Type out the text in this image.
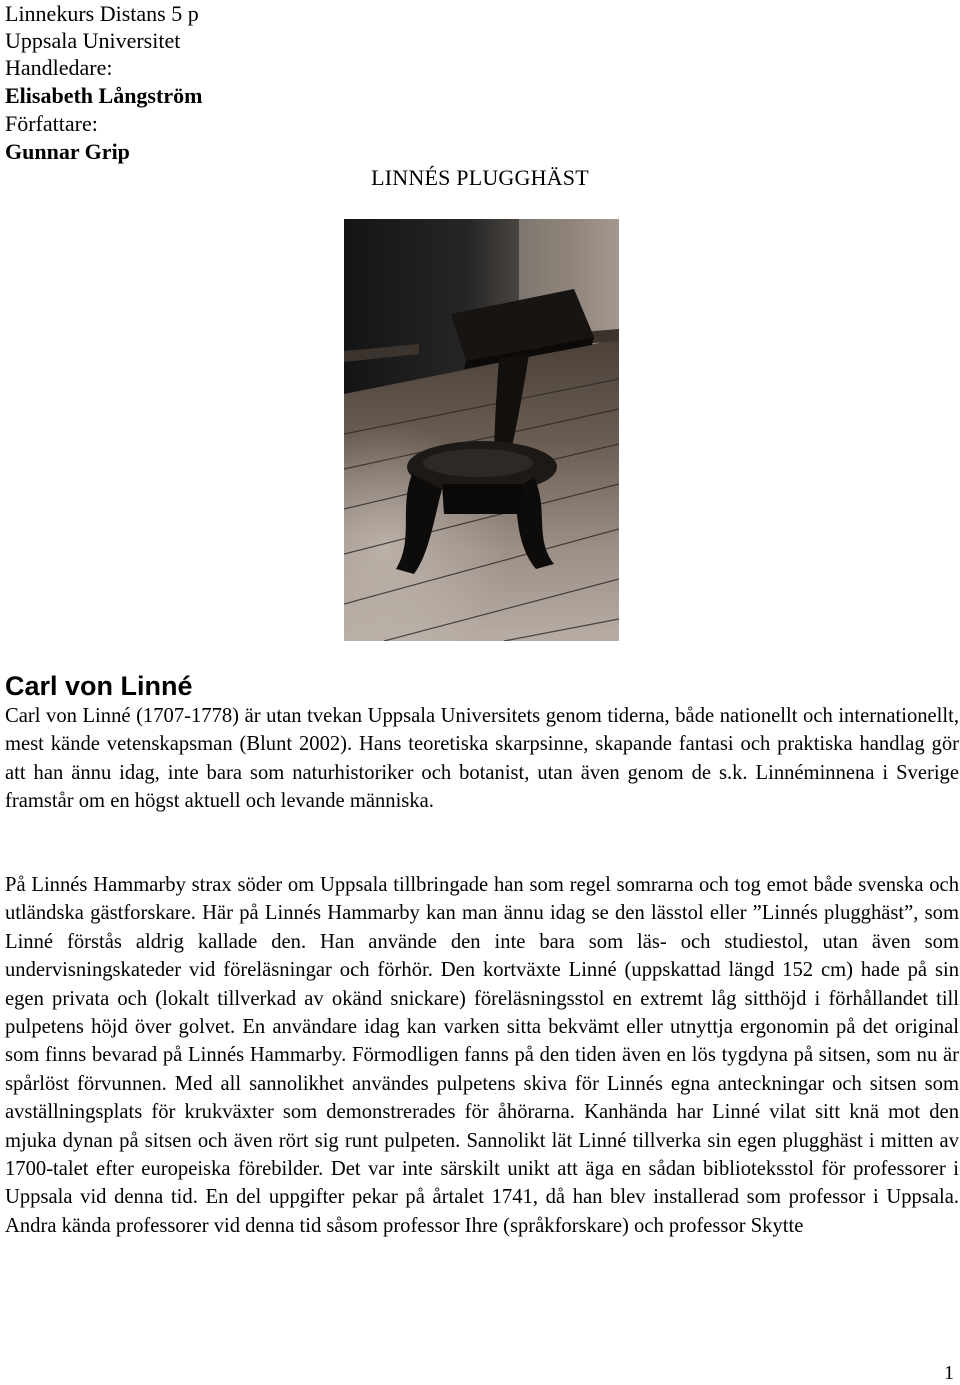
Linnekurs Distans 5 p
Uppsala Universitet
Handledare:
Elisabeth Långström
Författare:
Gunnar Grip
LINNÉS PLUGGHÄST
Carl von Linné
Carl von Linné (1707-1778) är utan tvekan Uppsala Universitets genom tiderna, både nationellt och internationellt, mest kände vetenskapsman (Blunt 2002). Hans teoretiska skarpsinne, skapande fantasi och praktiska handlag gör att han ännu idag, inte bara som naturhistoriker och botanist, utan även genom de s.k. Linnéminnena i Sverige framstår om en högst aktuell och levande människa.
På Linnés Hammarby strax söder om Uppsala tillbringade han som regel somrarna och tog emot både svenska och utländska gästforskare. Här på Linnés Hammarby kan man ännu idag se den lässtol eller ”Linnés plugghäst”, som Linné förstås aldrig kallade den. Han använde den inte bara som läs- och studiestol, utan även som undervisningskateder vid föreläsningar och förhör. Den kortväxte Linné (uppskattad längd 152 cm) hade på sin egen privata och (lokalt tillverkad av okänd snickare) föreläsningsstol en extremt låg sitthöjd i förhållandet till pulpetens höjd över golvet. En användare idag kan varken sitta bekvämt eller utnyttja ergonomin på det original som finns bevarad på Linnés Hammarby. Förmodligen fanns på den tiden även en lös tygdyna på sitsen, som nu är spårlöst förvunnen. Med all sannolikhet användes pulpetens skiva för Linnés egna anteckningar och sitsen som avställningsplats för krukväxter som demonstrerades för åhörarna. Kanhända har Linné vilat sitt knä mot den mjuka dynan på sitsen och även rört sig runt pulpeten. Sannolikt lät Linné tillverka sin egen plugghäst i mitten av 1700-talet efter europeiska förebilder. Det var inte särskilt unikt att äga en sådan biblioteksstol för professorer i Uppsala vid denna tid. En del uppgifter pekar på årtalet 1741, då han blev installerad som professor i Uppsala. Andra kända professorer vid denna tid såsom professor Ihre (språkforskare) och professor Skytte
1
